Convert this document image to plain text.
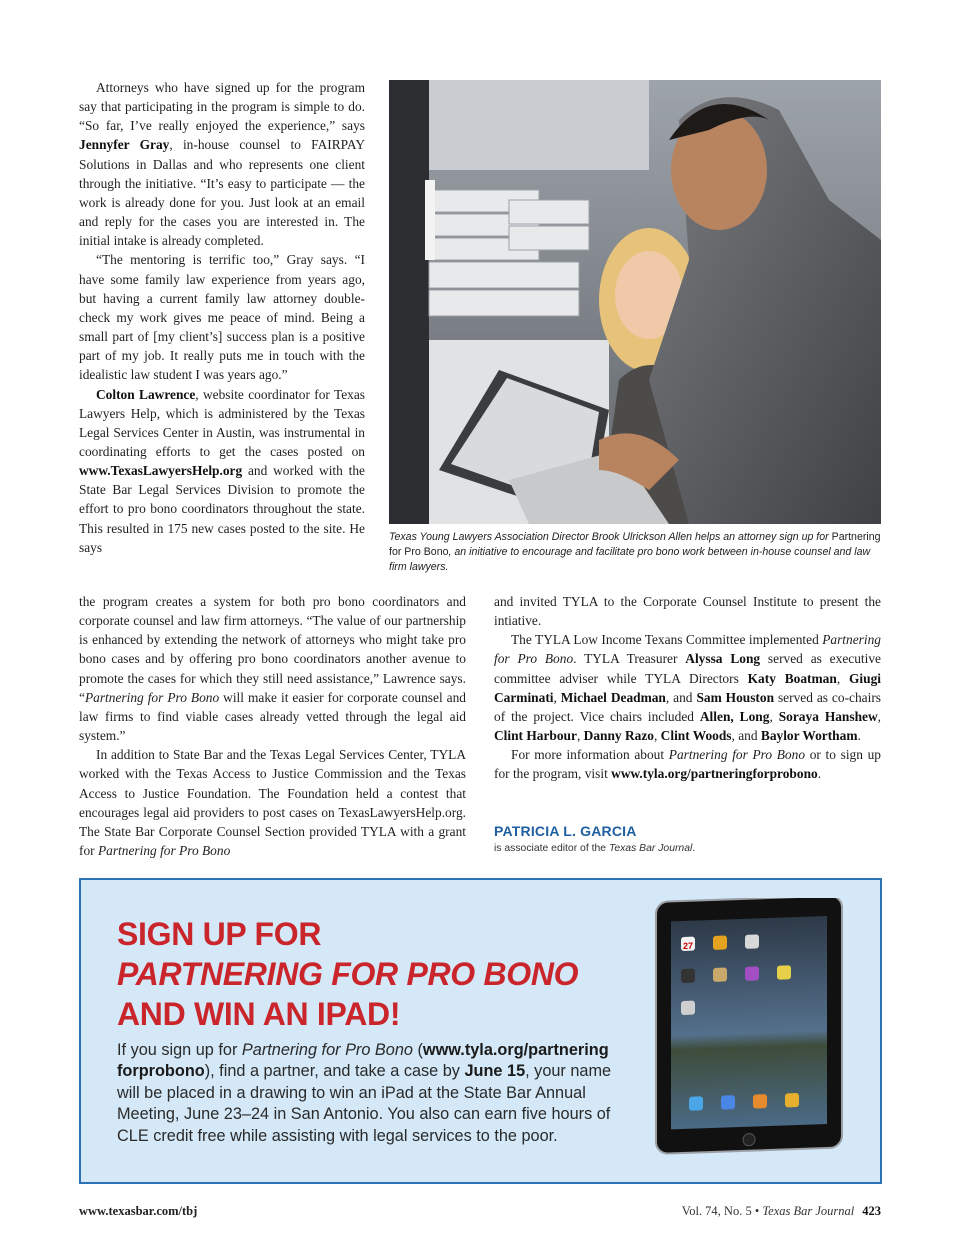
Attorneys who have signed up for the program say that participating in the program is simple to do. “So far, I’ve really enjoyed the experience,” says Jennyfer Gray, in-house counsel to FAIRPAY Solutions in Dallas and who represents one client through the initiative. “It’s easy to participate — the work is already done for you. Just look at an email and reply for the cases you are interested in. The initial intake is already completed.

“The mentoring is terrific too,” Gray says. “I have some family law experience from years ago, but having a current family law attorney double-check my work gives me peace of mind. Being a small part of [my client’s] success plan is a positive part of my job. It really puts me in touch with the idealistic law student I was years ago.”

Colton Lawrence, website coordinator for Texas Lawyers Help, which is administered by the Texas Legal Services Center in Austin, was instrumental in coordinating efforts to get the cases posted on www.TexasLawyersHelp.org and worked with the State Bar Legal Services Division to promote the effort to pro bono coordinators throughout the state. This resulted in 175 new cases posted to the site. He says

Texas Young Lawyers Association Director Brook Ulrickson Allen helps an attorney sign up for Partnering for Pro Bono, an initiative to encourage and facilitate pro bono work between in-house counsel and law firm lawyers.

the program creates a system for both pro bono coordinators and corporate counsel and law firm attorneys. “The value of our partnership is enhanced by extending the network of attorneys who might take pro bono cases and by offering pro bono coordinators another avenue to promote the cases for which they still need assistance,” Lawrence says. “Partnering for Pro Bono will make it easier for corporate counsel and law firms to find viable cases already vetted through the legal aid system.”

In addition to State Bar and the Texas Legal Services Center, TYLA worked with the Texas Access to Justice Commission and the Texas Access to Justice Foundation. The Foundation held a contest that encourages legal aid providers to post cases on TexasLawyersHelp.org. The State Bar Corporate Counsel Section provided TYLA with a grant for Partnering for Pro Bono

and invited TYLA to the Corporate Counsel Institute to present the intiative.

The TYLA Low Income Texans Committee implemented Partnering for Pro Bono. TYLA Treasurer Alyssa Long served as executive committee adviser while TYLA Directors Katy Boatman, Giugi Carminati, Michael Deadman, and Sam Houston served as co-chairs of the project. Vice chairs included Allen, Long, Soraya Hanshew, Clint Harbour, Danny Razo, Clint Woods, and Baylor Wortham.

For more information about Partnering for Pro Bono or to sign up for the program, visit www.tyla.org/partneringforprobono.

PATRICIA L. GARCIA
is associate editor of the Texas Bar Journal.
SIGN UP FOR
PARTNERING FOR PRO BONO
AND WIN AN IPAD!
If you sign up for Partnering for Pro Bono (www.tyla.org/partnering forprobono), find a partner, and take a case by June 15, your name will be placed in a drawing to win an iPad at the State Bar Annual Meeting, June 23–24 in San Antonio. You also can earn five hours of CLE credit free while assisting with legal services to the poor.
27
www.texasbar.com/tbj	Vol. 74, No. 5 • Texas Bar Journal 423
